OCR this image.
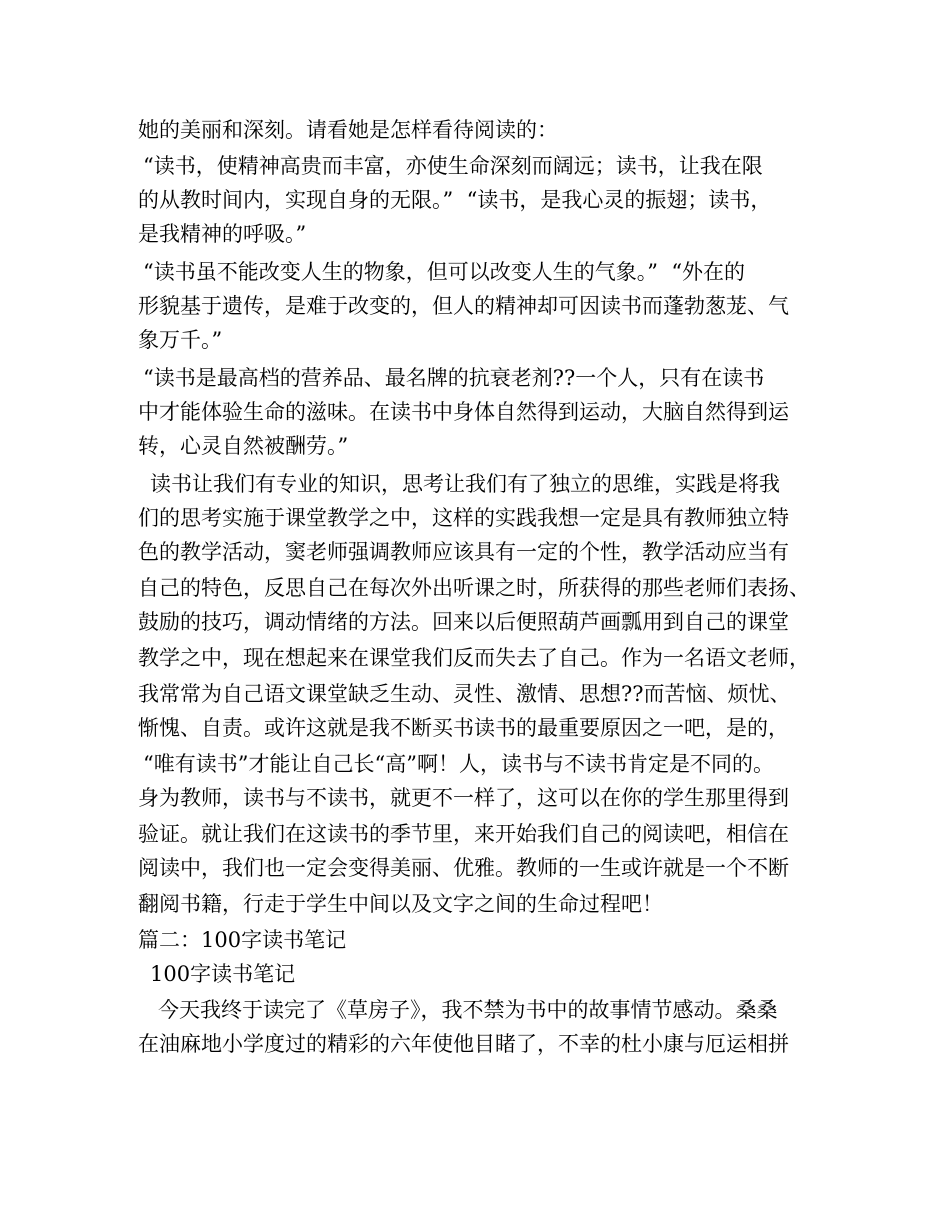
她的美丽和深刻。请看她是怎样看待阅读的：
“读书，使精神高贵而丰富，亦使生命深刻而阔远；读书，让我在限
的从教时间内，实现自身的无限。”  “读书，是我心灵的振翅；读书，
是我精神的呼吸。”
“读书虽不能改变人生的物象，但可以改变人生的气象。”  “外在的
形貌基于遗传，是难于改变的，但人的精神却可因读书而蓬勃葱茏、气
象万千。”
“读书是最高档的营养品、最名牌的抗衰老剂??一个人，只有在读书
中才能体验生命的滋味。在读书中身体自然得到运动，大脑自然得到运
转，心灵自然被酬劳。”
读书让我们有专业的知识，思考让我们有了独立的思维，实践是将我
们的思考实施于课堂教学之中，这样的实践我想一定是具有教师独立特
色的教学活动，窦老师强调教师应该具有一定的个性，教学活动应当有
自己的特色，反思自己在每次外出听课之时，所获得的那些老师们表扬、
鼓励的技巧，调动情绪的方法。回来以后便照葫芦画瓢用到自己的课堂
教学之中，现在想起来在课堂我们反而失去了自己。作为一名语文老师，
我常常为自己语文课堂缺乏生动、灵性、激情、思想??而苦恼、烦忧、
惭愧、自责。或许这就是我不断买书读书的最重要原因之一吧，是的，
“唯有读书”才能让自己长“高”啊！人，读书与不读书肯定是不同的。
身为教师，读书与不读书，就更不一样了，这可以在你的学生那里得到
验证。就让我们在这读书的季节里，来开始我们自己的阅读吧，相信在
阅读中，我们也一定会变得美丽、优雅。教师的一生或许就是一个不断
翻阅书籍，行走于学生中间以及文字之间的生命过程吧！
篇二：100字读书笔记
100字读书笔记
今天我终于读完了《草房子》，我不禁为书中的故事情节感动。桑桑
在油麻地小学度过的精彩的六年使他目睹了，不幸的杜小康与厄运相拼
